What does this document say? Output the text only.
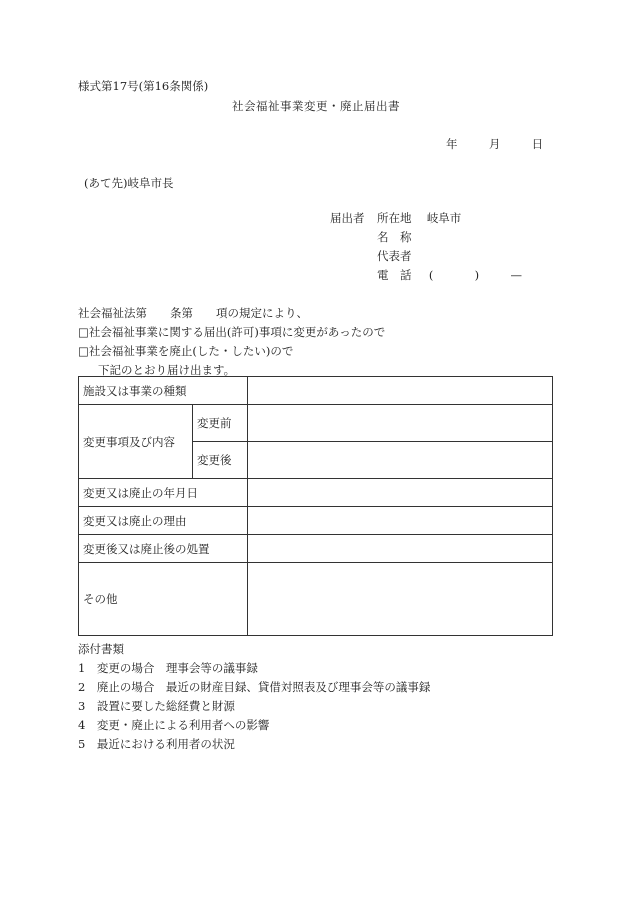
様式第17号(第16条関係)
社会福祉事業変更・廃止届出書
年	月	日
(あて先)岐阜市長
届出者 所在地 岐阜市
名　称
代表者
電　話 (	)	—
社会福祉法第　　条第　　項の規定により、
□社会福祉事業に関する届出(許可)事項に変更があったので
□社会福祉事業を廃止(した・したい)ので
下記のとおり届け出ます。
施設又は事業の種類		
変更事項及び内容	変更前	
	変更後	
変更又は廃止の年月日		
変更又は廃止の理由		
変更後又は廃止後の処置		
その他		
添付書類
1　変更の場合　理事会等の議事録
2　廃止の場合　最近の財産目録、貸借対照表及び理事会等の議事録
3　設置に要した総経費と財源
4　変更・廃止による利用者への影響
5　最近における利用者の状況
